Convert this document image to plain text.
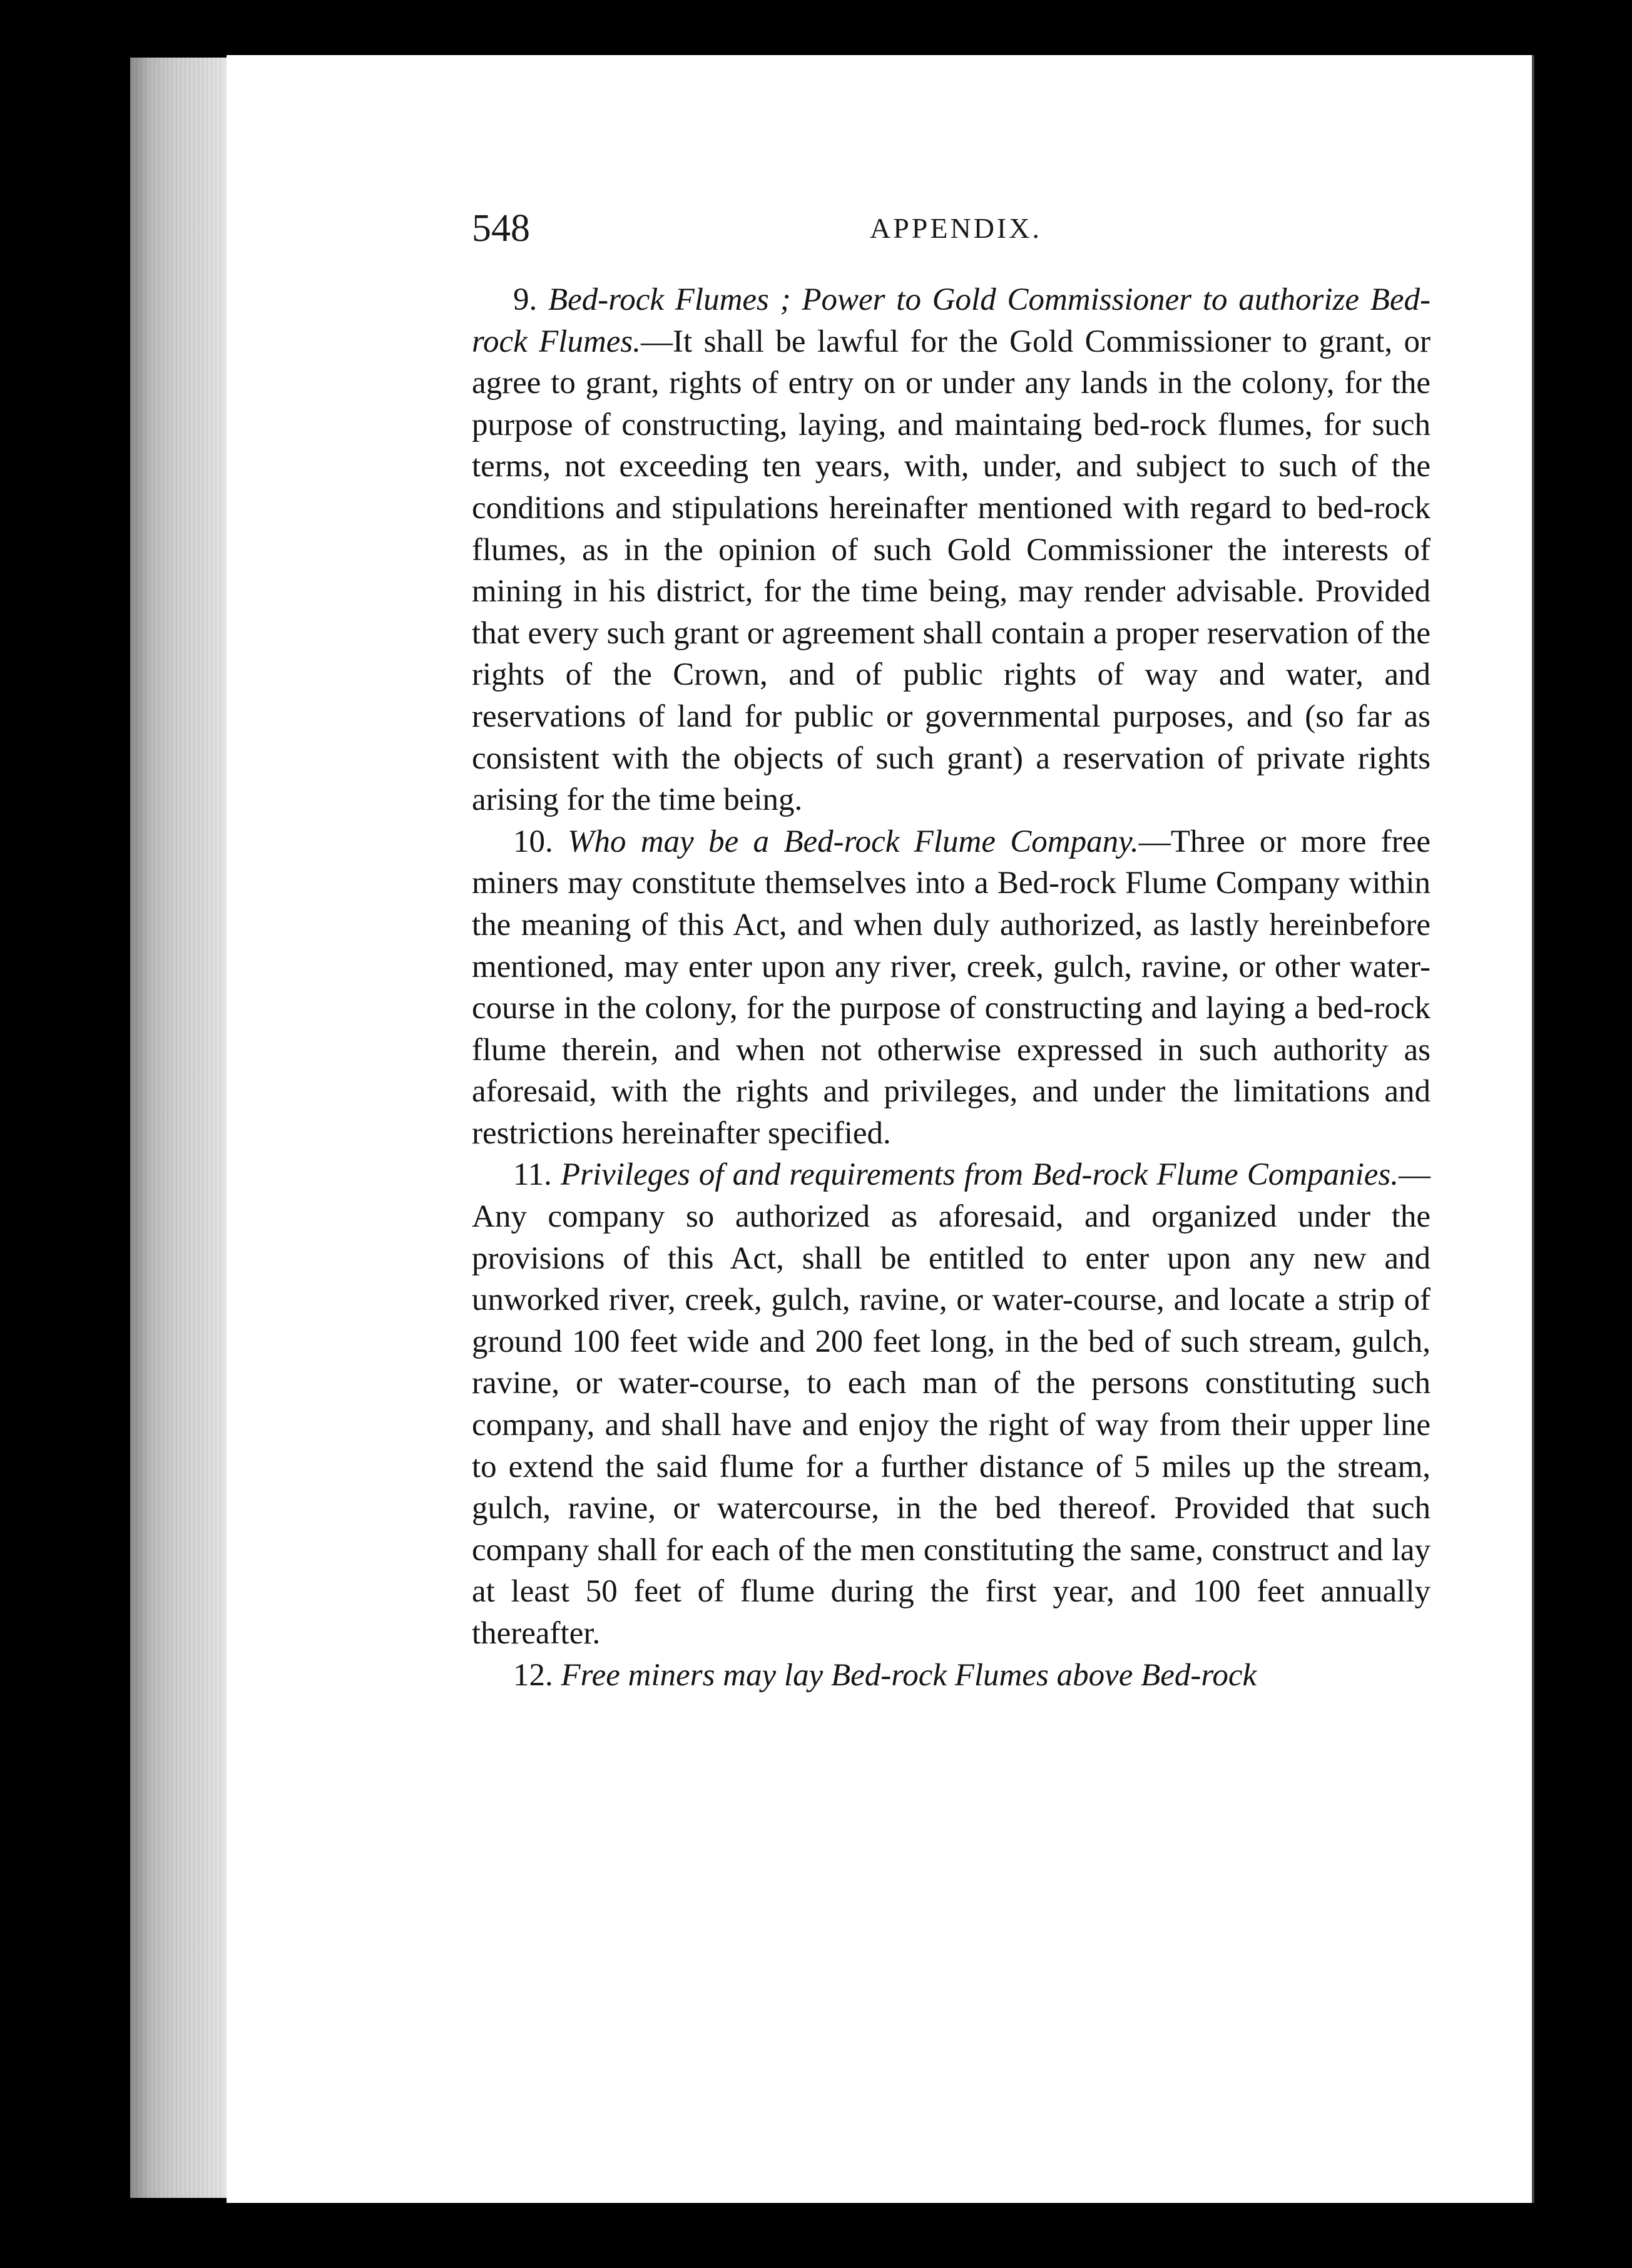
548	APPENDIX.

9. Bed-rock Flumes ; Power to Gold Commissioner to authorize Bed-rock Flumes.—It shall be lawful for the Gold Commissioner to grant, or agree to grant, rights of entry on or under any lands in the colony, for the purpose of constructing, laying, and maintaing bed-rock flumes, for such terms, not exceeding ten years, with, under, and subject to such of the conditions and stipulations hereinafter mentioned with regard to bed-rock flumes, as in the opinion of such Gold Commissioner the interests of mining in his district, for the time being, may render advisable. Provided that every such grant or agreement shall contain a proper reservation of the rights of the Crown, and of public rights of way and water, and reservations of land for public or governmental purposes, and (so far as consistent with the objects of such grant) a reservation of private rights arising for the time being.

10. Who may be a Bed-rock Flume Company.—Three or more free miners may constitute themselves into a Bed-rock Flume Company within the meaning of this Act, and when duly authorized, as lastly hereinbefore mentioned, may enter upon any river, creek, gulch, ravine, or other water-course in the colony, for the purpose of constructing and laying a bed-rock flume therein, and when not otherwise expressed in such authority as aforesaid, with the rights and privileges, and under the limitations and restrictions hereinafter specified.

11. Privileges of and requirements from Bed-rock Flume Companies.—Any company so authorized as aforesaid, and organized under the provisions of this Act, shall be entitled to enter upon any new and unworked river, creek, gulch, ravine, or water-course, and locate a strip of ground 100 feet wide and 200 feet long, in the bed of such stream, gulch, ravine, or water-course, to each man of the persons constituting such company, and shall have and enjoy the right of way from their upper line to extend the said flume for a further distance of 5 miles up the stream, gulch, ravine, or watercourse, in the bed thereof. Provided that such company shall for each of the men constituting the same, construct and lay at least 50 feet of flume during the first year, and 100 feet annually thereafter.

12. Free miners may lay Bed-rock Flumes above Bed-rock
